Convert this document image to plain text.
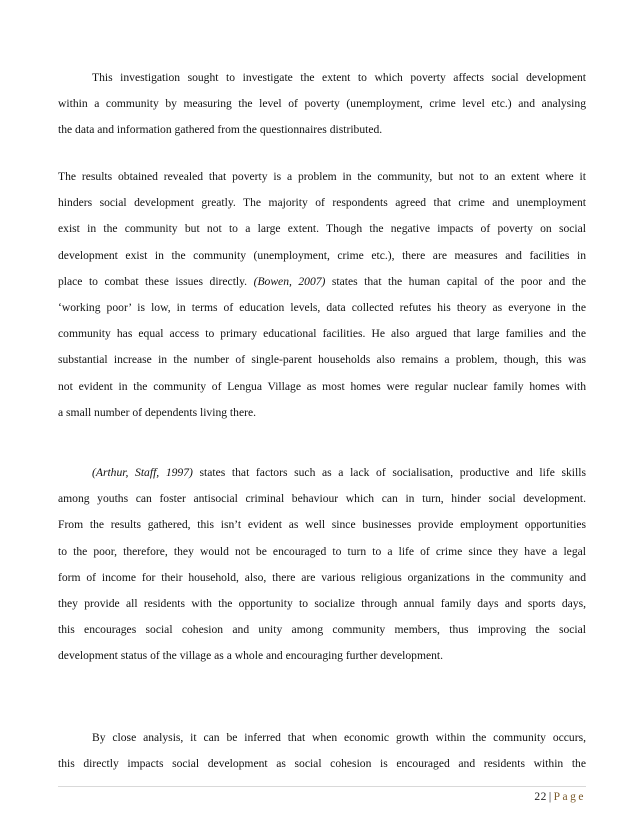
This investigation sought to investigate the extent to which poverty affects social development
within a community by measuring the level of poverty (unemployment, crime level etc.) and analysing
the data and information gathered from the questionnaires distributed.
The results obtained revealed that poverty is a problem in the community, but not to an extent where it
hinders social development greatly. The majority of respondents agreed that crime and unemployment
exist in the community but not to a large extent. Though the negative impacts of poverty on social
development exist in the community (unemployment, crime etc.), there are measures and facilities in
place to combat these issues directly. (Bowen, 2007) states that the human capital of the poor and the
‘working poor’ is low, in terms of education levels, data collected refutes his theory as everyone in the
community has equal access to primary educational facilities. He also argued that large families and the
substantial increase in the number of single-parent households also remains a problem, though, this was
not evident in the community of Lengua Village as most homes were regular nuclear family homes with
a small number of dependents living there.
(Arthur, Staff, 1997) states that factors such as a lack of socialisation, productive and life skills
among youths can foster antisocial criminal behaviour which can in turn, hinder social development.
From the results gathered, this isn’t evident as well since businesses provide employment opportunities
to the poor, therefore, they would not be encouraged to turn to a life of crime since they have a legal
form of income for their household, also, there are various religious organizations in the community and
they provide all residents with the opportunity to socialize through annual family days and sports days,
this encourages social cohesion and unity among community members, thus improving the social
development status of the village as a whole and encouraging further development.
By close analysis, it can be inferred that when economic growth within the community occurs,
this directly impacts social development as social cohesion is encouraged and residents within the
22 | Page
